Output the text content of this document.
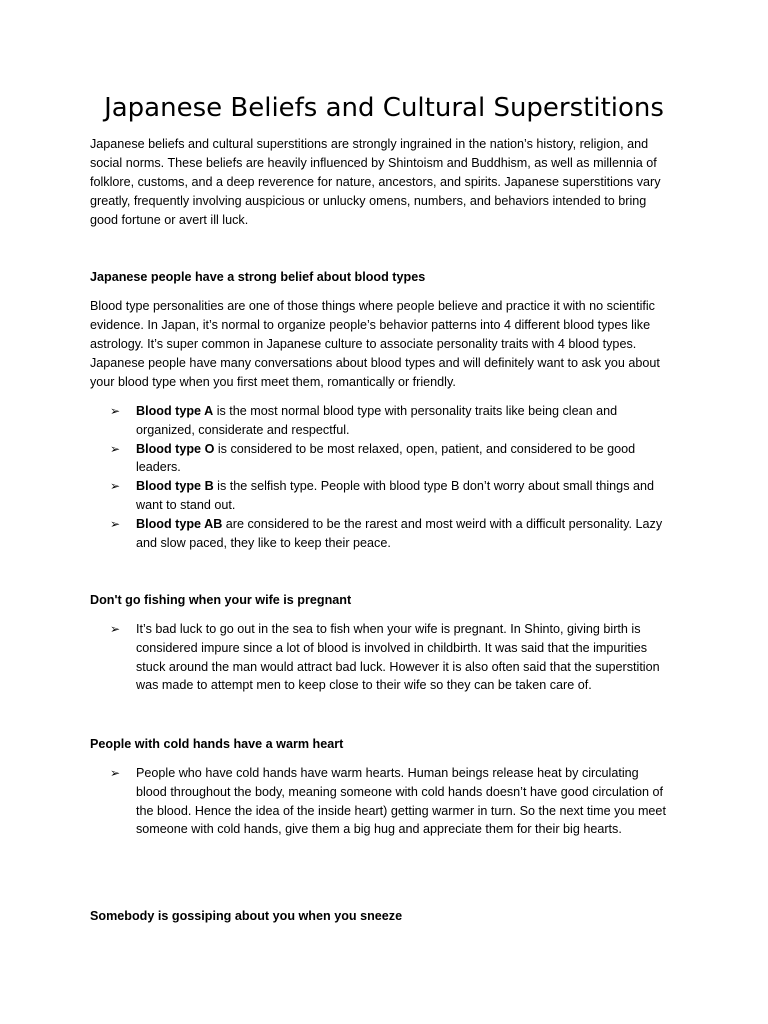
Japanese Beliefs and Cultural Superstitions

Japanese beliefs and cultural superstitions are strongly ingrained in the nation’s history, religion, and social norms. These beliefs are heavily influenced by Shintoism and Buddhism, as well as millennia of folklore, customs, and a deep reverence for nature, ancestors, and spirits. Japanese superstitions vary greatly, frequently involving auspicious or unlucky omens, numbers, and behaviors intended to bring good fortune or avert ill luck.

Japanese people have a strong belief about blood types

Blood type personalities are one of those things where people believe and practice it with no scientific evidence. In Japan, it’s normal to organize people’s behavior patterns into 4 different blood types like astrology. It’s super common in Japanese culture to associate personality traits with 4 blood types. Japanese people have many conversations about blood types and will definitely want to ask you about your blood type when you first meet them, romantically or friendly.

➢ Blood type A is the most normal blood type with personality traits like being clean and organized, considerate and respectful.
➢ Blood type O is considered to be most relaxed, open, patient, and considered to be good leaders.
➢ Blood type B is the selfish type. People with blood type B don’t worry about small things and want to stand out.
➢ Blood type AB are considered to be the rarest and most weird with a difficult personality. Lazy and slow paced, they like to keep their peace.

Don't go fishing when your wife is pregnant

➢ It’s bad luck to go out in the sea to fish when your wife is pregnant. In Shinto, giving birth is considered impure since a lot of blood is involved in childbirth. It was said that the impurities stuck around the man would attract bad luck. However it is also often said that the superstition was made to attempt men to keep close to their wife so they can be taken care of.

People with cold hands have a warm heart

➢ People who have cold hands have warm hearts. Human beings release heat by circulating blood throughout the body, meaning someone with cold hands doesn’t have good circulation of the blood. Hence the idea of the inside heart) getting warmer in turn. So the next time you meet someone with cold hands, give them a big hug and appreciate them for their big hearts.

Somebody is gossiping about you when you sneeze
